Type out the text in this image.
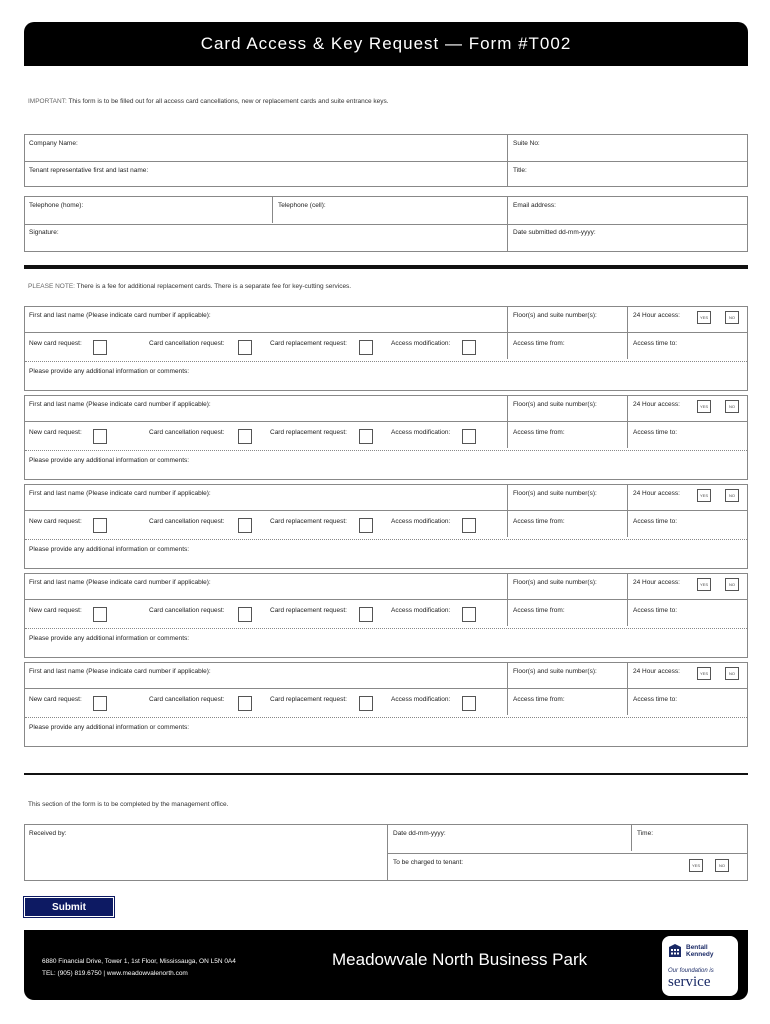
Card Access & Key Request — Form #T002
IMPORTANT: This form is to be filled out for all access card cancellations, new or replacement cards and suite entrance keys.
Company Name:	Suite No:
Tenant representative first and last name:	Title:
Telephone (home):	Telephone (cell):	Email address:
Signature:	Date submitted dd-mm-yyyy:
PLEASE NOTE: There is a fee for additional replacement cards. There is a separate fee for key-cutting services.
First and last name (Please indicate card number if applicable):	Floor(s) and suite number(s):	24 Hour access:	YES	NO
New card request:	Card cancellation request:	Card replacement request:	Access modification:	Access time from:	Access time to:
Please provide any additional information or comments:
First and last name (Please indicate card number if applicable):	Floor(s) and suite number(s):	24 Hour access:	YES	NO
New card request:	Card cancellation request:	Card replacement request:	Access modification:	Access time from:	Access time to:
Please provide any additional information or comments:
First and last name (Please indicate card number if applicable):	Floor(s) and suite number(s):	24 Hour access:	YES	NO
New card request:	Card cancellation request:	Card replacement request:	Access modification:	Access time from:	Access time to:
Please provide any additional information or comments:
First and last name (Please indicate card number if applicable):	Floor(s) and suite number(s):	24 Hour access:	YES	NO
New card request:	Card cancellation request:	Card replacement request:	Access modification:	Access time from:	Access time to:
Please provide any additional information or comments:
First and last name (Please indicate card number if applicable):	Floor(s) and suite number(s):	24 Hour access:	YES	NO
New card request:	Card cancellation request:	Card replacement request:	Access modification:	Access time from:	Access time to:
Please provide any additional information or comments:
This section of the form is to be completed by the management office.
Received by:	Date dd-mm-yyyy:	Time:
To be charged to tenant:	YES	NO
Submit
6880 Financial Drive, Tower 1, 1st Floor, Mississauga, ON L5N 0A4
TEL: (905) 819.6750 | www.meadowvalenorth.com
Meadowvale North Business Park
Bentall
Kennedy
Our foundation is
service
